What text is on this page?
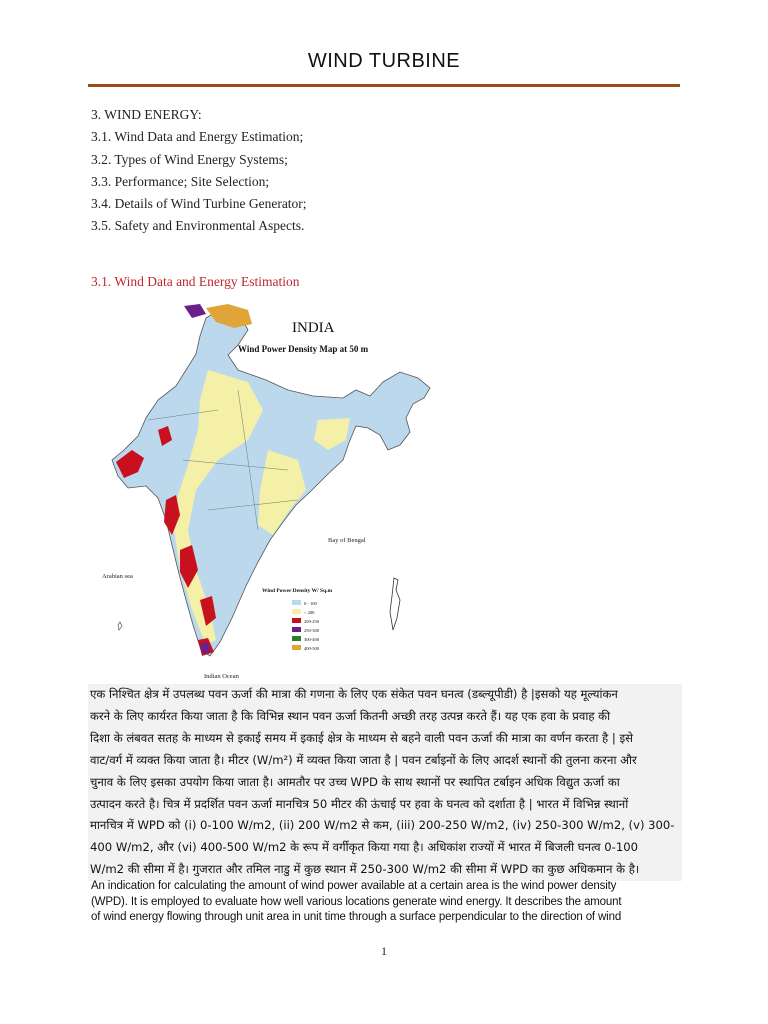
WIND TURBINE
3. WIND ENERGY:
3.1. Wind Data and Energy Estimation;
3.2. Types of Wind Energy Systems;
3.3. Performance; Site Selection;
3.4. Details of Wind Turbine Generator;
3.5. Safety and Environmental Aspects.
3.1. Wind Data and Energy Estimation
INDIA
Wind Power Density Map at 50 m
Bay of Bengal
Arabian sea
Indian Ocean
Wind Power Density W/ Sq.m
0 - 100
< 200
200-250
250-300
300-400
400-500
एक निश्चित क्षेत्र में उपलब्ध पवन ऊर्जा की मात्रा की गणना के लिए एक संकेत पवन घनत्व (डब्ल्यूपीडी) है |इसको यह मूल्यांकन
करने के लिए कार्यरत किया जाता है कि विभिन्न स्थान पवन ऊर्जा कितनी अच्छी तरह उत्पन्न करते हैं। यह एक हवा के प्रवाह की
दिशा के लंबवत सतह के माध्यम से इकाई समय में इकाई क्षेत्र के माध्यम से बहने वाली पवन ऊर्जा की मात्रा का वर्णन करता है | इसे
वाट/वर्ग में व्यक्त किया जाता है। मीटर (W/m²) में व्यक्त किया जाता है | पवन टर्बाइनों के लिए आदर्श स्थानों की तुलना करना और
चुनाव के लिए इसका उपयोग किया जाता है। आमतौर पर उच्च WPD के साथ स्थानों पर स्थापित टर्बाइन अधिक विद्युत ऊर्जा का
उत्पादन करते है। चित्र में प्रदर्शित पवन ऊर्जा मानचित्र 50 मीटर की ऊंचाई पर हवा के घनत्व को दर्शाता है | भारत में विभिन्न स्थानों
मानचित्र में WPD को (i) 0-100 W/m2, (ii) 200 W/m2 से कम, (iii) 200-250 W/m2, (iv) 250-300 W/m2, (v) 300-
400 W/m2, और (vi) 400-500 W/m2 के रूप में वर्गीकृत किया गया है। अधिकांश राज्यों में भारत में बिजली घनत्व 0-100
W/m2 की सीमा में है। गुजरात और तमिल नाडु में कुछ स्थान में 250-300 W/m2 की सीमा में WPD का कुछ अधिकमान के है।
An indication for calculating the amount of wind power available at a certain area is the wind power density
(WPD). It is employed to evaluate how well various locations generate wind energy. It describes the amount
of wind energy flowing through unit area in unit time through a surface perpendicular to the direction of wind
1
